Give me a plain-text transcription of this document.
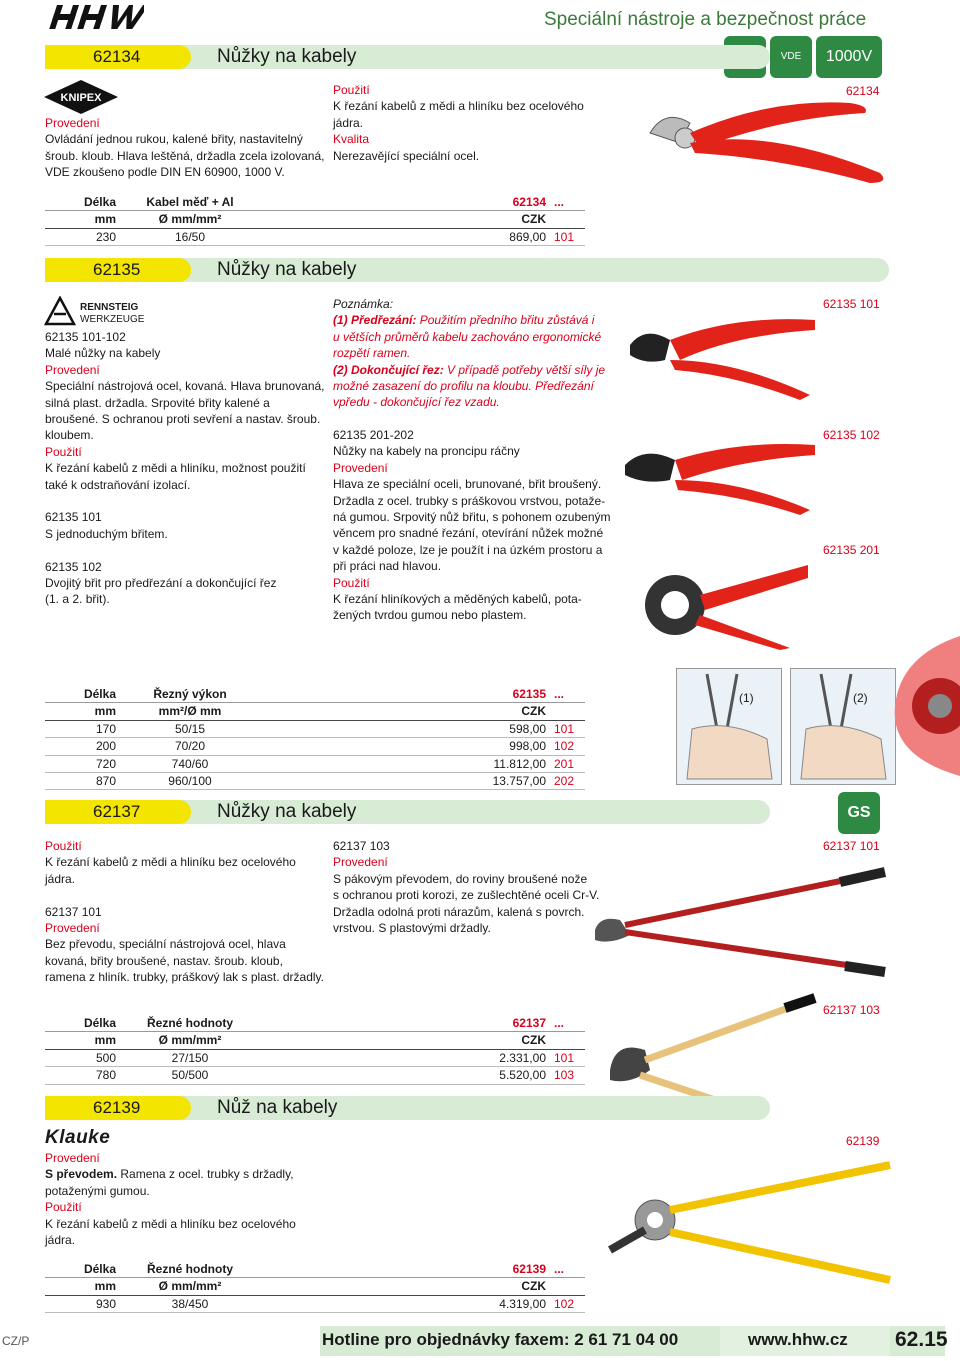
Speciální nástroje a bezpečnost práce
VDE	1000V
62134	Nůžky na kabely
KNIPEX
Provedení
Ovládání jednou rukou, kalené břity, nastavitelný
šroub. kloub. Hlava leštěná, držadla zcela izolovaná,
VDE zkoušeno podle DIN EN 60900, 1000 V.
Použití
K řezání kabelů z mědi a hliníku bez ocelového
jádra.
Kvalita
Nerezavějící speciální ocel.
62134
Délka	Kabel měď + Al	62134	...
mm	Ø mm/mm²	CZK	
230	16/50	869,00	101
62135	Nůžky na kabely
RENNSTEIG
WERKZEUGE
62135 101-102
Malé nůžky na kabely
Provedení
Speciální nástrojová ocel, kovaná. Hlava brunovaná,
silná plast. držadla. Srpovité břity kalené a
broušené. S ochranou proti sevření a nastav. šroub.
kloubem.
Použití
K řezání kabelů z mědi a hliníku, možnost použití
také k odstraňování izolací.
62135 101
S jednoduchým břitem.
62135 102
Dvojitý břit pro předřezání a dokončující řez
(1. a 2. břit).
Poznámka:
(1) Předřezání: Použitím předního břitu zůstává i
u větších průměrů kabelu zachováno ergonomické
rozpětí ramen.
(2) Dokončující řez: V případě potřeby větší síly je
možné zasazení do profilu na kloubu. Předřezání
vpředu - dokončující řez vzadu.
62135 201-202
Nůžky na kabely na proncipu ráčny
Provedení
Hlava ze speciální oceli, brunované, břit broušený.
Držadla z ocel. trubky s práškovou vrstvou, potaže-
ná gumou. Srpovitý nůž břitu, s pohonem ozubeným
věncem pro snadné řezání, otevírání nůžek možné
v každé poloze, lze je použít i na úzkém prostoru a
při práci nad hlavou.
Použití
K řezání hliníkových a měděných kabelů, pota-
žených tvrdou gumou nebo plastem.
62135 101
62135 102
62135 201
(1)	(2)
Délka	Řezný výkon	62135	...
mm	mm²/Ø mm	CZK	
170	50/15	598,00	101
200	70/20	998,00	102
720	740/60	11.812,00	201
870	960/100	13.757,00	202
62137	Nůžky na kabely	GS
Použití
K řezání kabelů z mědi a hliníku bez ocelového
jádra.
62137 101
Provedení
Bez převodu, speciální nástrojová ocel, hlava
kovaná, břity broušené, nastav. šroub. kloub,
ramena z hliník. trubky, práškový lak s plast. držadly.
62137 103
Provedení
S pákovým převodem, do roviny broušené nože
s ochranou proti korozi, ze zušlechtěné oceli Cr-V.
Držadla odolná proti nárazům, kalená s povrch.
vrstvou. S plastovými držadly.
62137 101
62137 103
Délka	Řezné hodnoty	62137	...
mm	Ø mm/mm²	CZK	
500	27/150	2.331,00	101
780	50/500	5.520,00	103
62139	Nůž na kabely
Klauke
Provedení
S převodem. Ramena z ocel. trubky s držadly,
potaženými gumou.
Použití
K řezání kabelů z mědi a hliníku bez ocelového
jádra.
62139
Délka	Řezné hodnoty	62139	...
mm	Ø mm/mm²	CZK	
930	38/450	4.319,00	102
CZ/P	Hotline pro objednávky faxem: 2 61 71 04 00	www.hhw.cz 62.15
